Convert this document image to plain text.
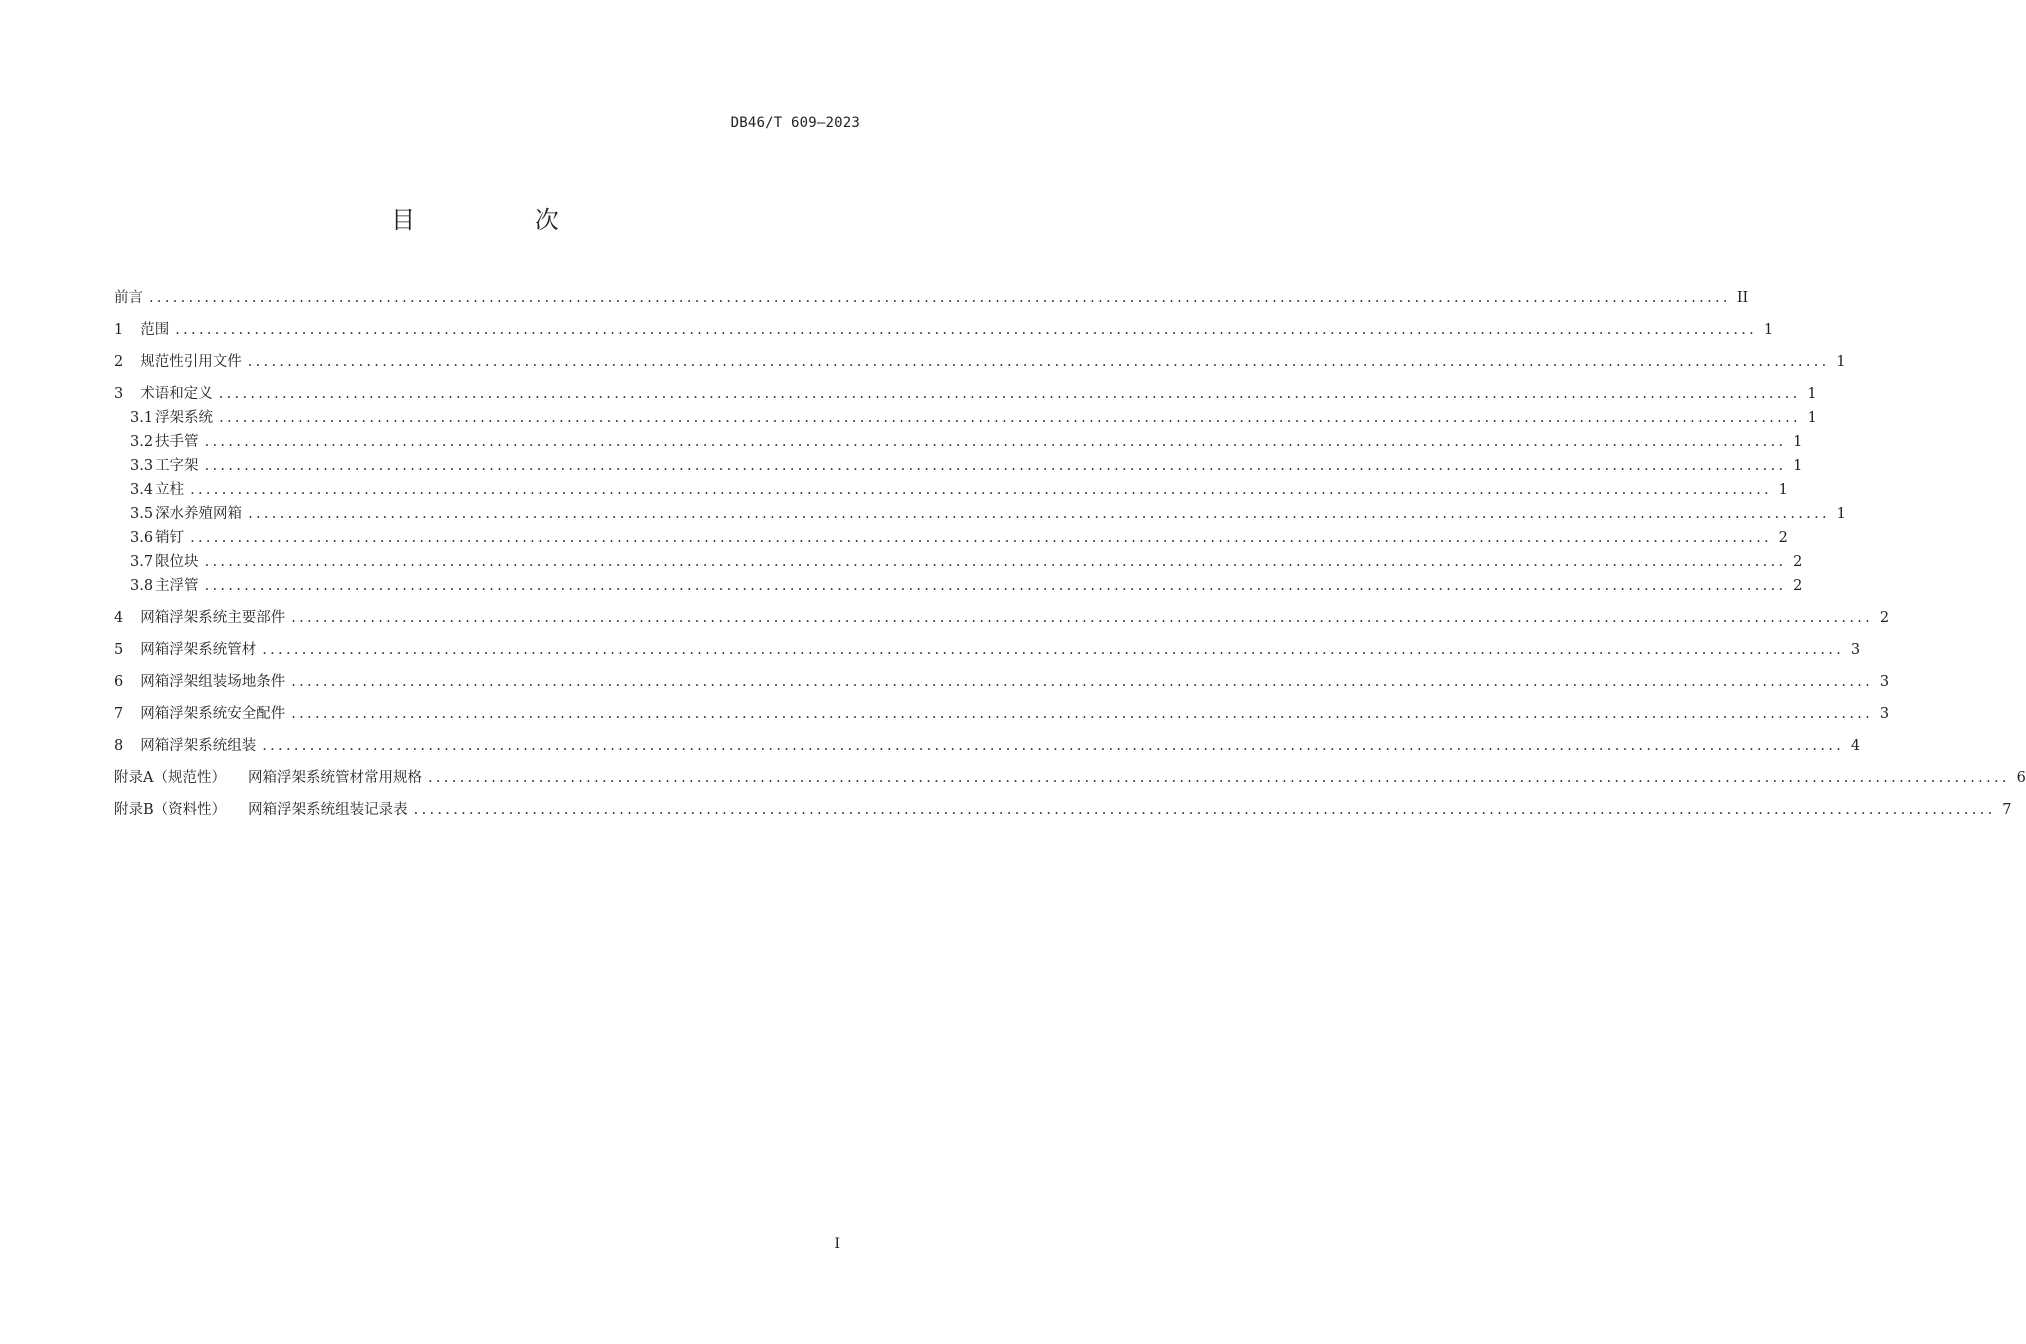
DB46/T 609—2023
目 次
前言 ........................................................................................................................................................................................................ II
1 范围 ........................................................................................................................................................................................................ 1
2 规范性引用文件 ........................................................................................................................................................................................................ 1
3 术语和定义 ........................................................................................................................................................................................................ 1
3.1 浮架系统 ........................................................................................................................................................................................................ 1
3.2 扶手管 ........................................................................................................................................................................................................ 1
3.3 工字架 ........................................................................................................................................................................................................ 1
3.4 立柱 ........................................................................................................................................................................................................ 1
3.5 深水养殖网箱 ........................................................................................................................................................................................................ 1
3.6 销钉 ........................................................................................................................................................................................................ 2
3.7 限位块 ........................................................................................................................................................................................................ 2
3.8 主浮管 ........................................................................................................................................................................................................ 2
4 网箱浮架系统主要部件 ........................................................................................................................................................................................................ 2
5 网箱浮架系统管材 ........................................................................................................................................................................................................ 3
6 网箱浮架组装场地条件 ........................................................................................................................................................................................................ 3
7 网箱浮架系统安全配件 ........................................................................................................................................................................................................ 3
8 网箱浮架系统组装 ........................................................................................................................................................................................................ 4
附录A（规范性） 网箱浮架系统管材常用规格 ........................................................................................................................................................................................................ 6
附录B（资料性） 网箱浮架系统组装记录表 ........................................................................................................................................................................................................ 7
I
